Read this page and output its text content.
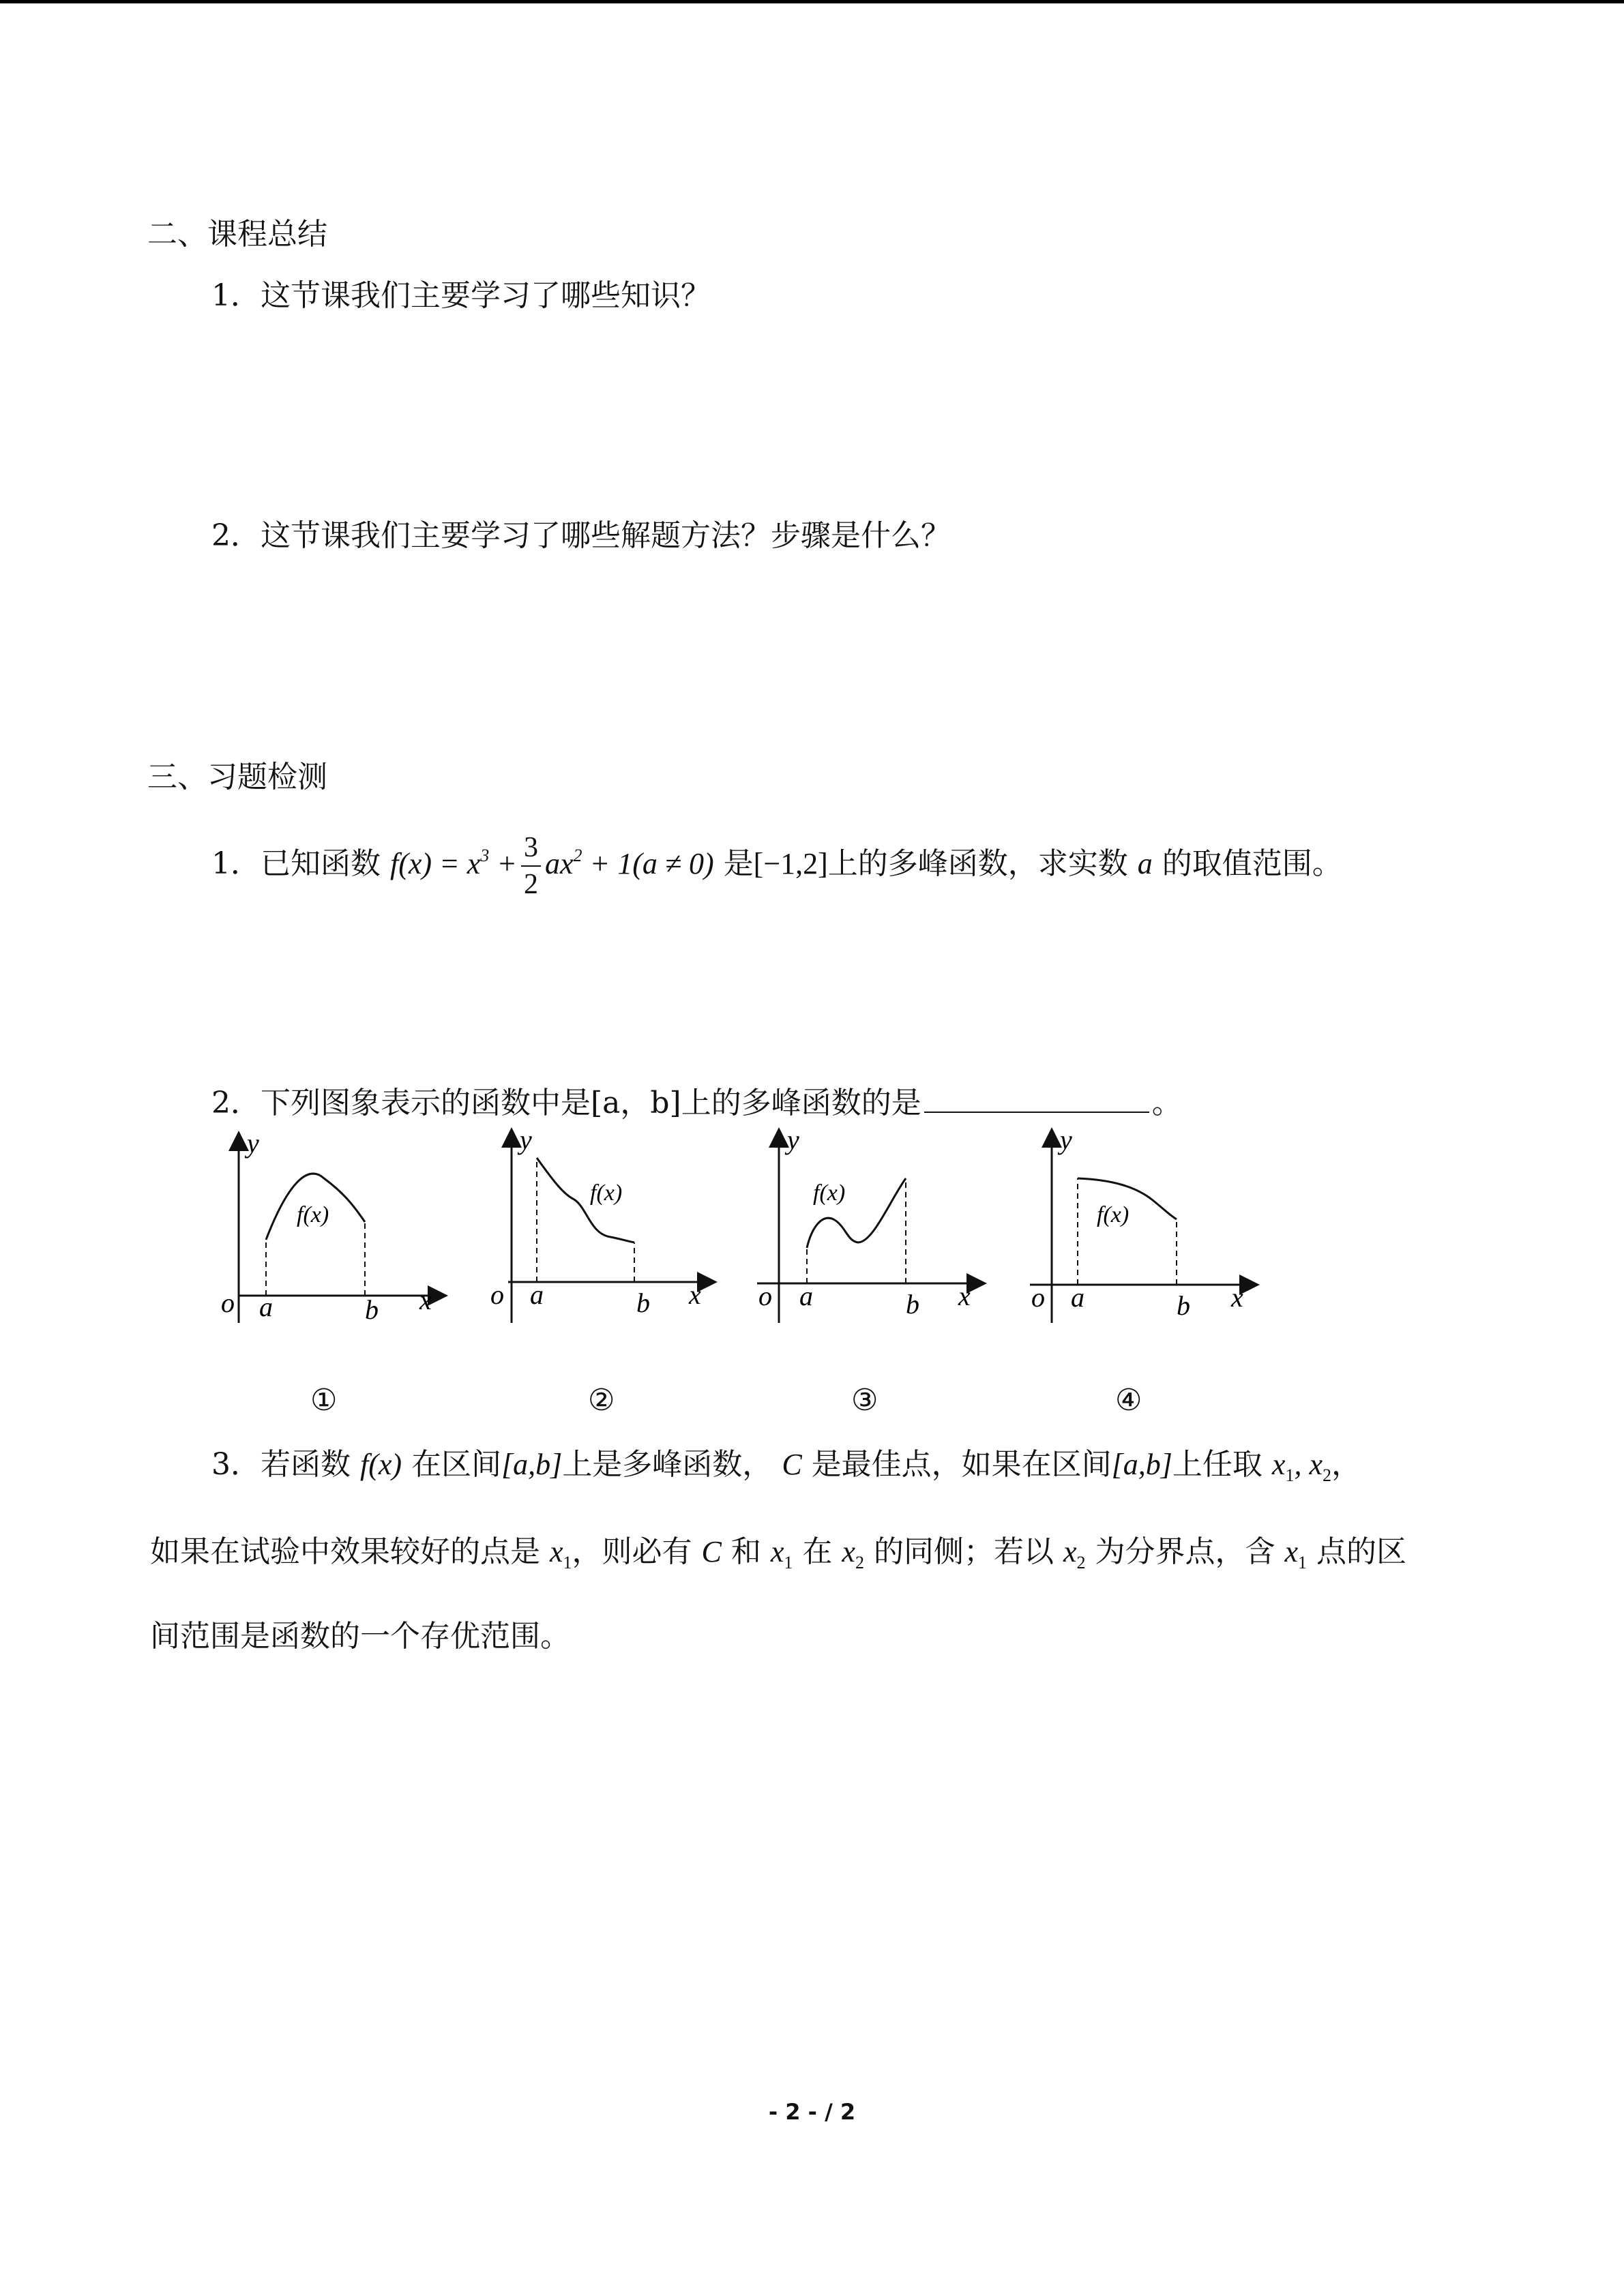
二、课程总结
1．这节课我们主要学习了哪些知识？
2．这节课我们主要学习了哪些解题方法？步骤是什么？
三、习题检测
1．已知函数 $f(x) = x^3 + \frac{3}{2} ax^2 + 1(a \ne 0)$ 是[−1,2]上的多峰函数，求实数 a 的取值范围。
2．下列图象表示的函数中是[a，b]上的多峰函数的是	。
f(x)
y
o a	b x
f(x)
y
o a	b x
f(x)
y
o a	b x
f(x)
y
o a	b x
①	②	③	④
3．若函数 f(x) 在区间[a,b]上是多峰函数， C 是最佳点，如果在区间[a,b]上任取 $x_1$, $x_2$，
如果在试验中效果较好的点是 $x_1$，则必有 C 和 $x_1$ 在 $x_2$ 的同侧；若以 $x_2$ 为分界点，含 $x_1$ 点的区
间范围是函数的一个存优范围。
- 2 - / 2
